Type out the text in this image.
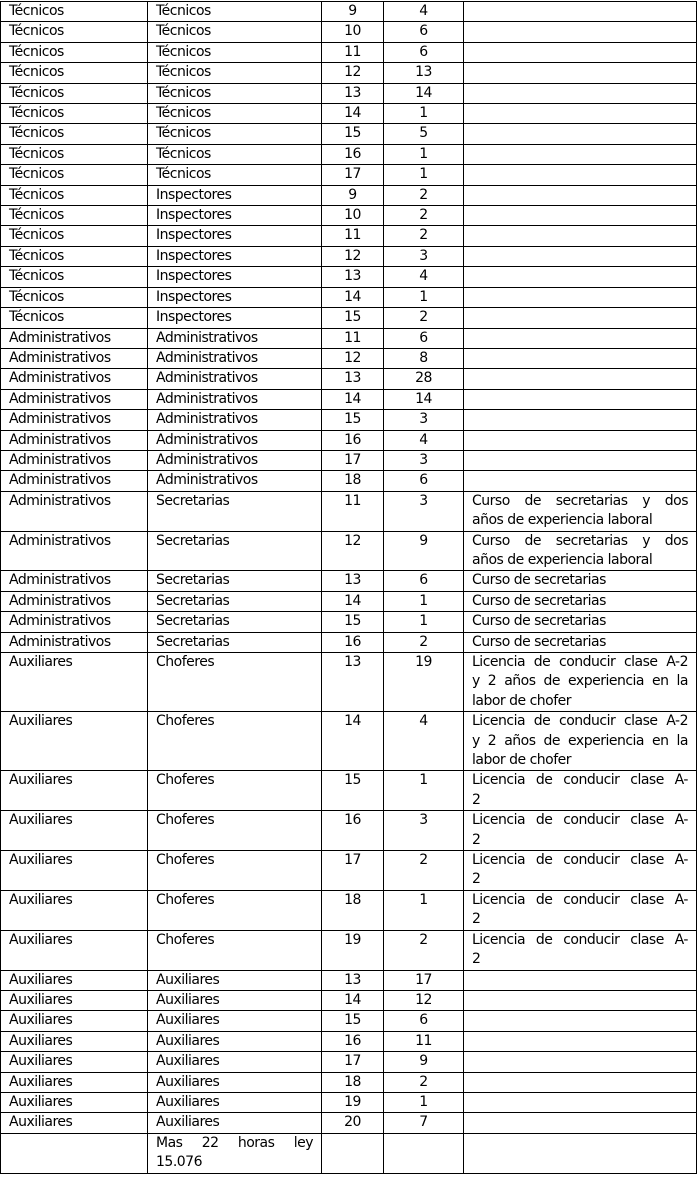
Técnicos	Técnicos	9	4	
Técnicos	Técnicos	10	6	
Técnicos	Técnicos	11	6	
Técnicos	Técnicos	12	13	
Técnicos	Técnicos	13	14	
Técnicos	Técnicos	14	1	
Técnicos	Técnicos	15	5	
Técnicos	Técnicos	16	1	
Técnicos	Técnicos	17	1	
Técnicos	Inspectores	9	2	
Técnicos	Inspectores	10	2	
Técnicos	Inspectores	11	2	
Técnicos	Inspectores	12	3	
Técnicos	Inspectores	13	4	
Técnicos	Inspectores	14	1	
Técnicos	Inspectores	15	2	
Administrativos	Administrativos	11	6	
Administrativos	Administrativos	12	8	
Administrativos	Administrativos	13	28	
Administrativos	Administrativos	14	14	
Administrativos	Administrativos	15	3	
Administrativos	Administrativos	16	4	
Administrativos	Administrativos	17	3	
Administrativos	Administrativos	18	6	
Administrativos	Secretarias	11	3	Curso de secretarias y dos
años de experiencia laboral

Administrativos	Secretarias	12	9	Curso de secretarias y dos
años de experiencia laboral

Administrativos	Secretarias	13	6	Curso de secretarias

Administrativos	Secretarias	14	1	Curso de secretarias

Administrativos	Secretarias	15	1	Curso de secretarias

Administrativos	Secretarias	16	2	Curso de secretarias

Auxiliares	Choferes	13	19	Licencia de conducir clase A-2
y 2 años de experiencia en la
labor de chofer

Auxiliares	Choferes	14	4	Licencia de conducir clase A-2
y 2 años de experiencia en la
labor de chofer

Auxiliares	Choferes	15	1	Licencia de conducir clase A-
2

Auxiliares	Choferes	16	3	Licencia de conducir clase A-
2

Auxiliares	Choferes	17	2	Licencia de conducir clase A-
2

Auxiliares	Choferes	18	1	Licencia de conducir clase A-
2

Auxiliares	Choferes	19	2	Licencia de conducir clase A-
2

Auxiliares	Auxiliares	13	17	
Auxiliares	Auxiliares	14	12	
Auxiliares	Auxiliares	15	6	
Auxiliares	Auxiliares	16	11	
Auxiliares	Auxiliares	17	9	
Auxiliares	Auxiliares	18	2	
Auxiliares	Auxiliares	19	1	
Auxiliares	Auxiliares	20	7	

	Mas 22 horas ley
15.076			
